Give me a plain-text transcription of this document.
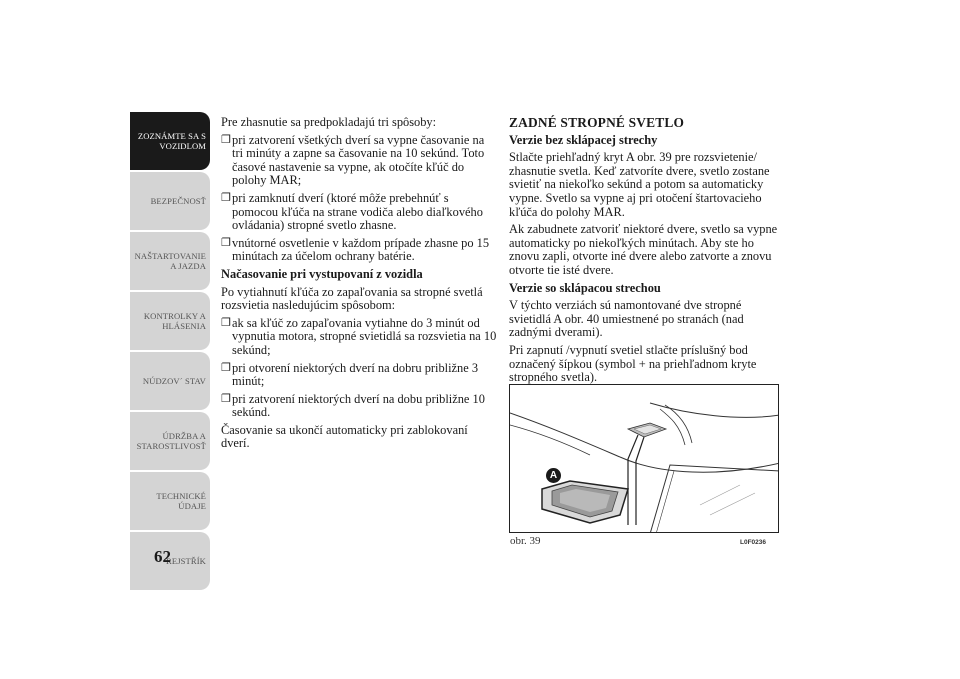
ZOZNÁMTE SA S
VOZIDLOM
BEZPEČNOSŤ
NAŠTARTOVANIE
A JAZDA
KONTROLKY A
HLÁSENIA
NÚDZOV´ STAV
ÚDRŽBA A
STAROSTLIVOSŤ
TECHNICKÉ
ÚDAJE
REJSTŘÍK
62

Pre zhasnutie sa predpokladajú tri spôsoby:

❐ pri zatvorení všetkých dverí sa vypne časovanie na tri minúty a zapne sa časovanie na 10 sekúnd. Toto časové nastavenie sa vypne, ak otočíte kľúč do polohy MAR;
❐ pri zamknutí dverí (ktoré môže prebehnúť s pomocou kľúča na strane vodiča alebo diaľkového ovládania) stropné svetlo zhasne.
❐ vnútorné osvetlenie v každom prípade zhasne po 15 minútach za účelom ochrany batérie.

Načasovanie pri vystupovaní z vozidla

Po vytiahnutí kľúča zo zapaľovania sa stropné svetlá rozsvietia nasledujúcim spôsobom:

❐ ak sa kľúč zo zapaľovania vytiahne do 3 minút od vypnutia motora, stropné svietidlá sa rozsvietia na 10 sekúnd;
❐ pri otvorení niektorých dverí na dobru približne 3 minút;
❐ pri zatvorení niektorých dverí na dobu približne 10 sekúnd.

Časovanie sa ukončí automaticky pri zablokovaní dverí.

ZADNÉ STROPNÉ SVETLO

Verzie bez sklápacej strechy

Stlačte priehľadný kryt A obr. 39 pre rozsvietenie/ zhasnutie svetla. Keď zatvoríte dvere, svetlo zostane svietiť na niekoľko sekúnd a potom sa automaticky vypne. Svetlo sa vypne aj pri otočení štartovacieho kľúča do polohy MAR.

Ak zabudnete zatvoriť niektoré dvere, svetlo sa vypne automaticky po niekoľkých minútach. Aby ste ho znovu zapli, otvorte iné dvere alebo zatvorte a znovu otvorte tie isté dvere.

Verzie so sklápacou strechou

V týchto verziách sú namontované dve stropné svietidlá A obr. 40 umiestnené po stranách (nad zadnými dverami).

Pri zapnutí /vypnutí svetiel stlačte príslušný bod označený šípkou (symbol + na priehľadnom kryte stropného svetla).

A
obr. 39	L0F0236
